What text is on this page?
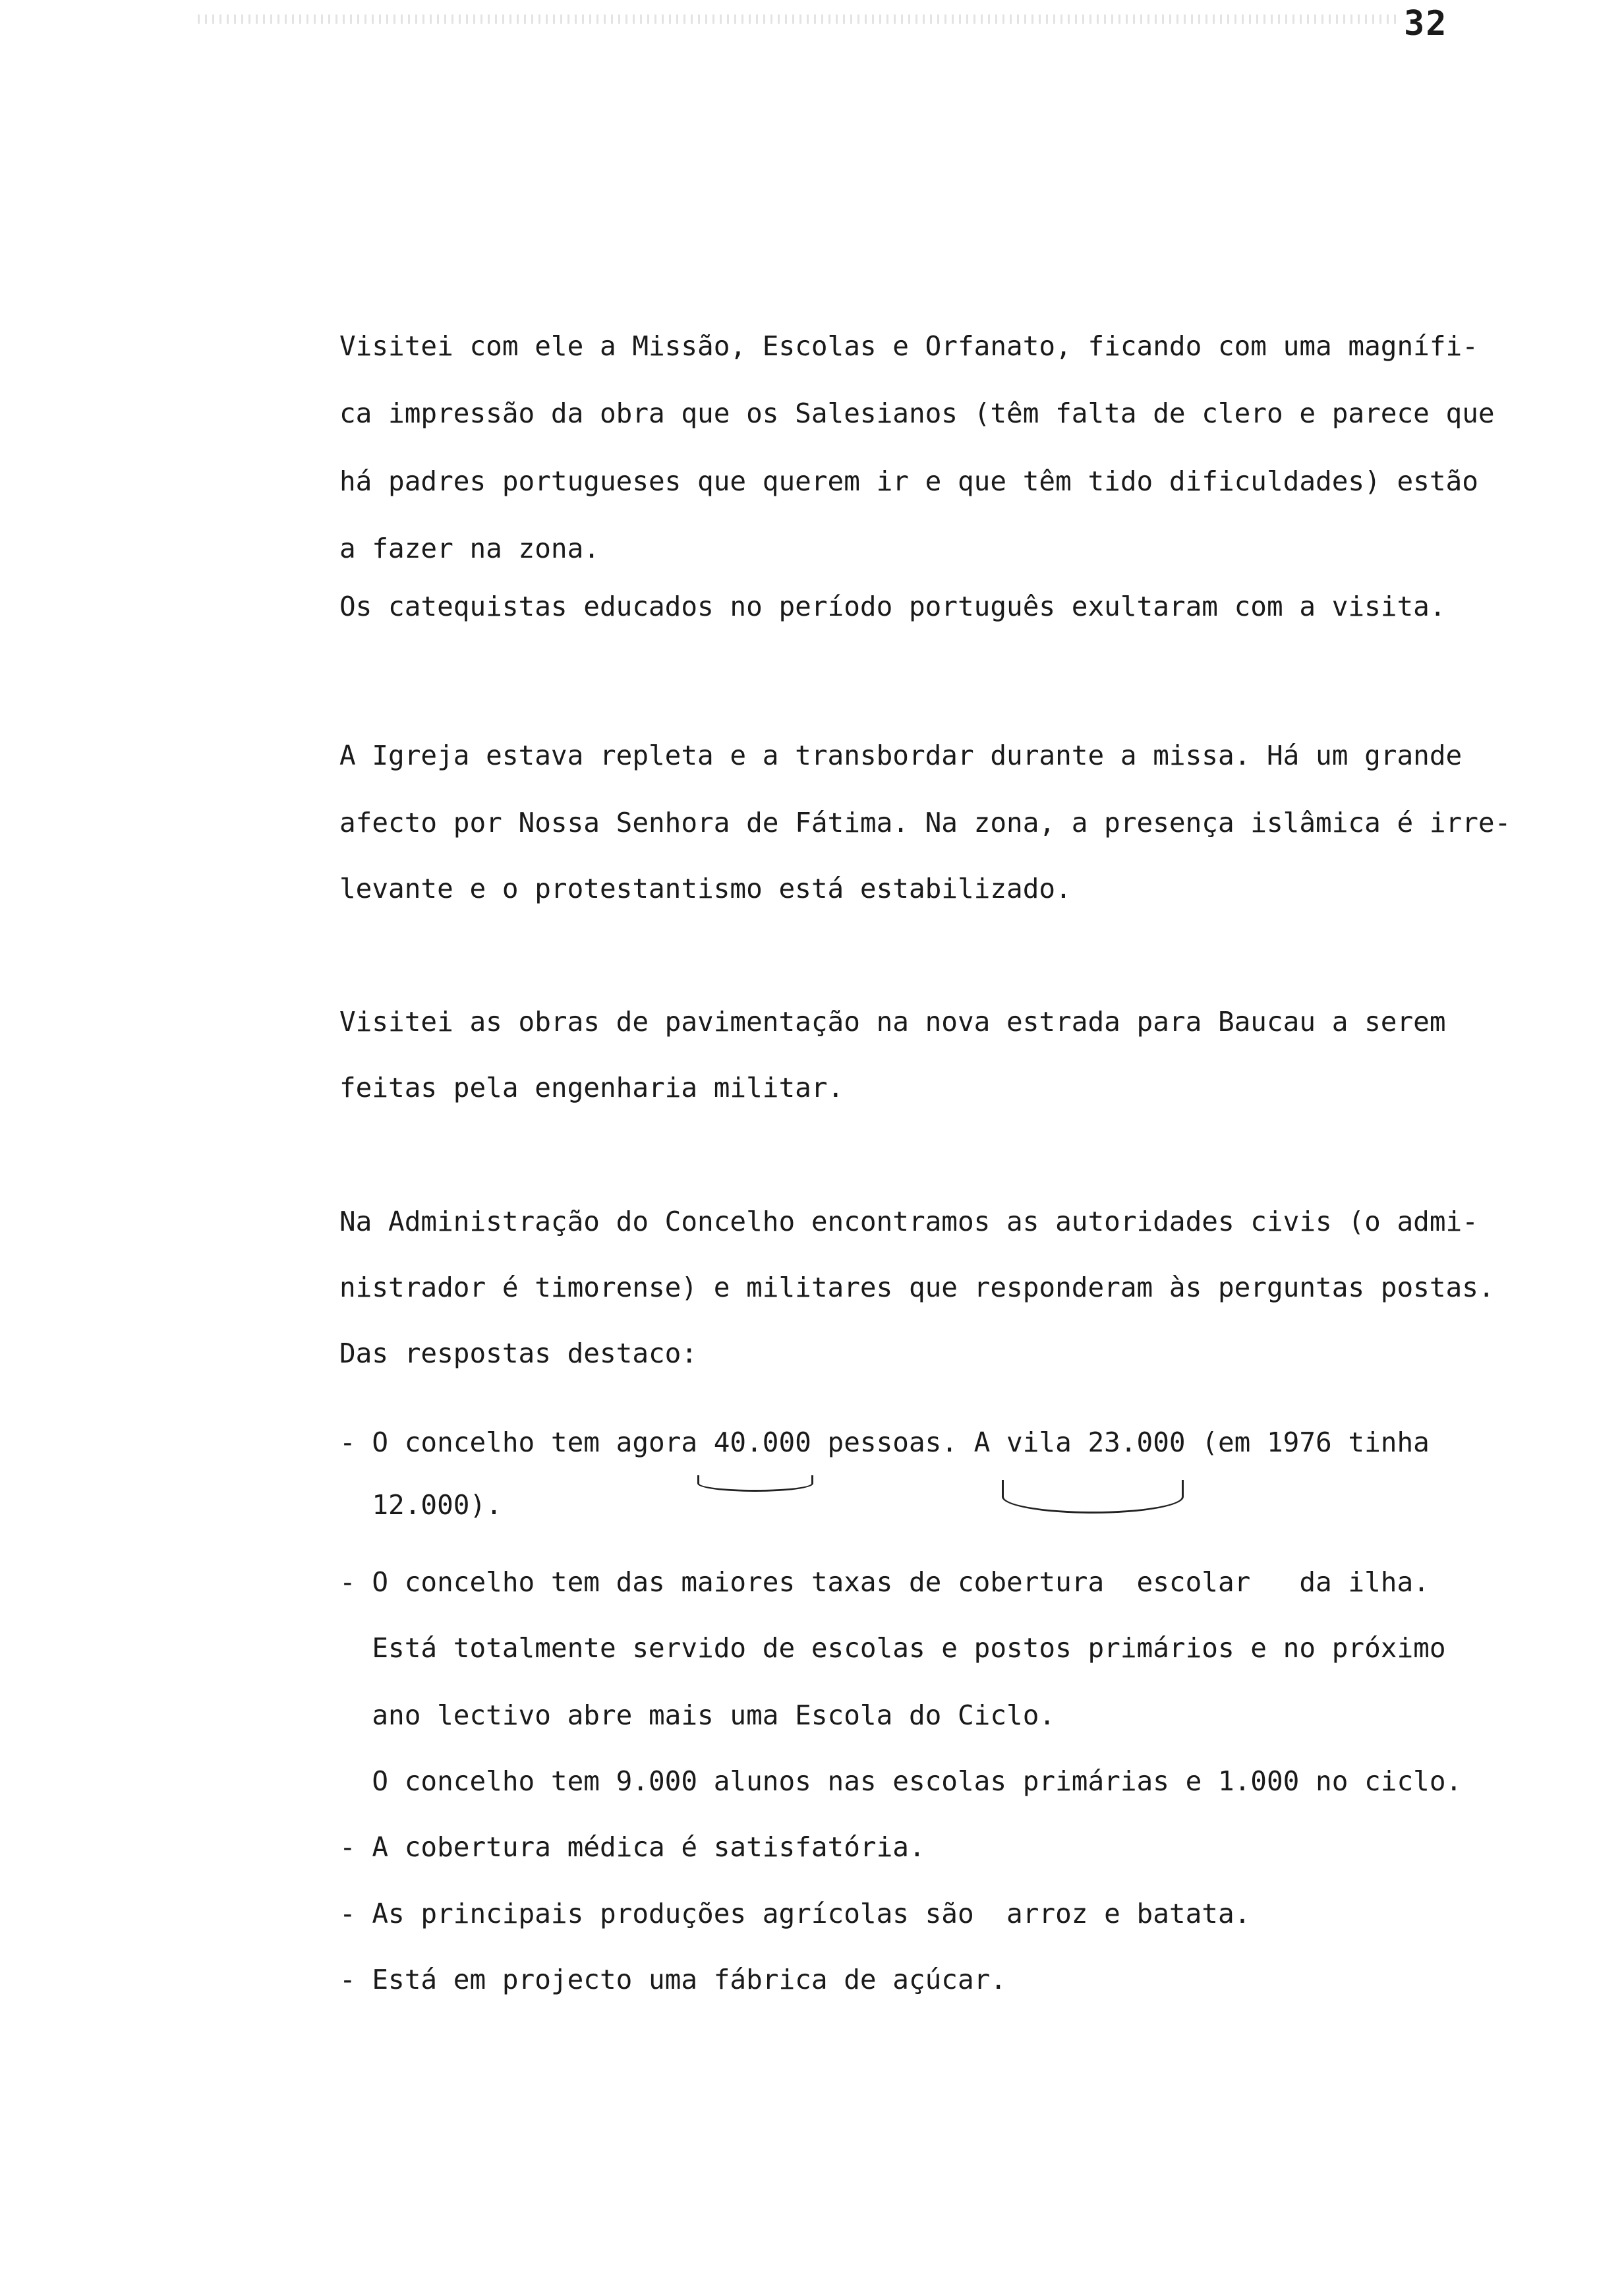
32
Visitei com ele a Missão, Escolas e Orfanato, ficando com uma magnífi-
ca impressão da obra que os Salesianos (têm falta de clero e parece que
há padres portugueses que querem ir e que têm tido dificuldades) estão
a fazer na zona.
Os catequistas educados no período português exultaram com a visita.
A Igreja estava repleta e a transbordar durante a missa. Há um grande
afecto por Nossa Senhora de Fátima. Na zona, a presença islâmica é irre-
levante e o protestantismo está estabilizado.
Visitei as obras de pavimentação na nova estrada para Baucau a serem
feitas pela engenharia militar.
Na Administração do Concelho encontramos as autoridades civis (o admi-
nistrador é timorense) e militares que responderam às perguntas postas.
Das respostas destaco:
- O concelho tem agora 40.000 pessoas. A vila 23.000 (em 1976 tinha
12.000).
- O concelho tem das maiores taxas de cobertura  escolar   da ilha.
Está totalmente servido de escolas e postos primários e no próximo
ano lectivo abre mais uma Escola do Ciclo.
O concelho tem 9.000 alunos nas escolas primárias e 1.000 no ciclo.
- A cobertura médica é satisfatória.
- As principais produções agrícolas são  arroz e batata.
- Está em projecto uma fábrica de açúcar.
